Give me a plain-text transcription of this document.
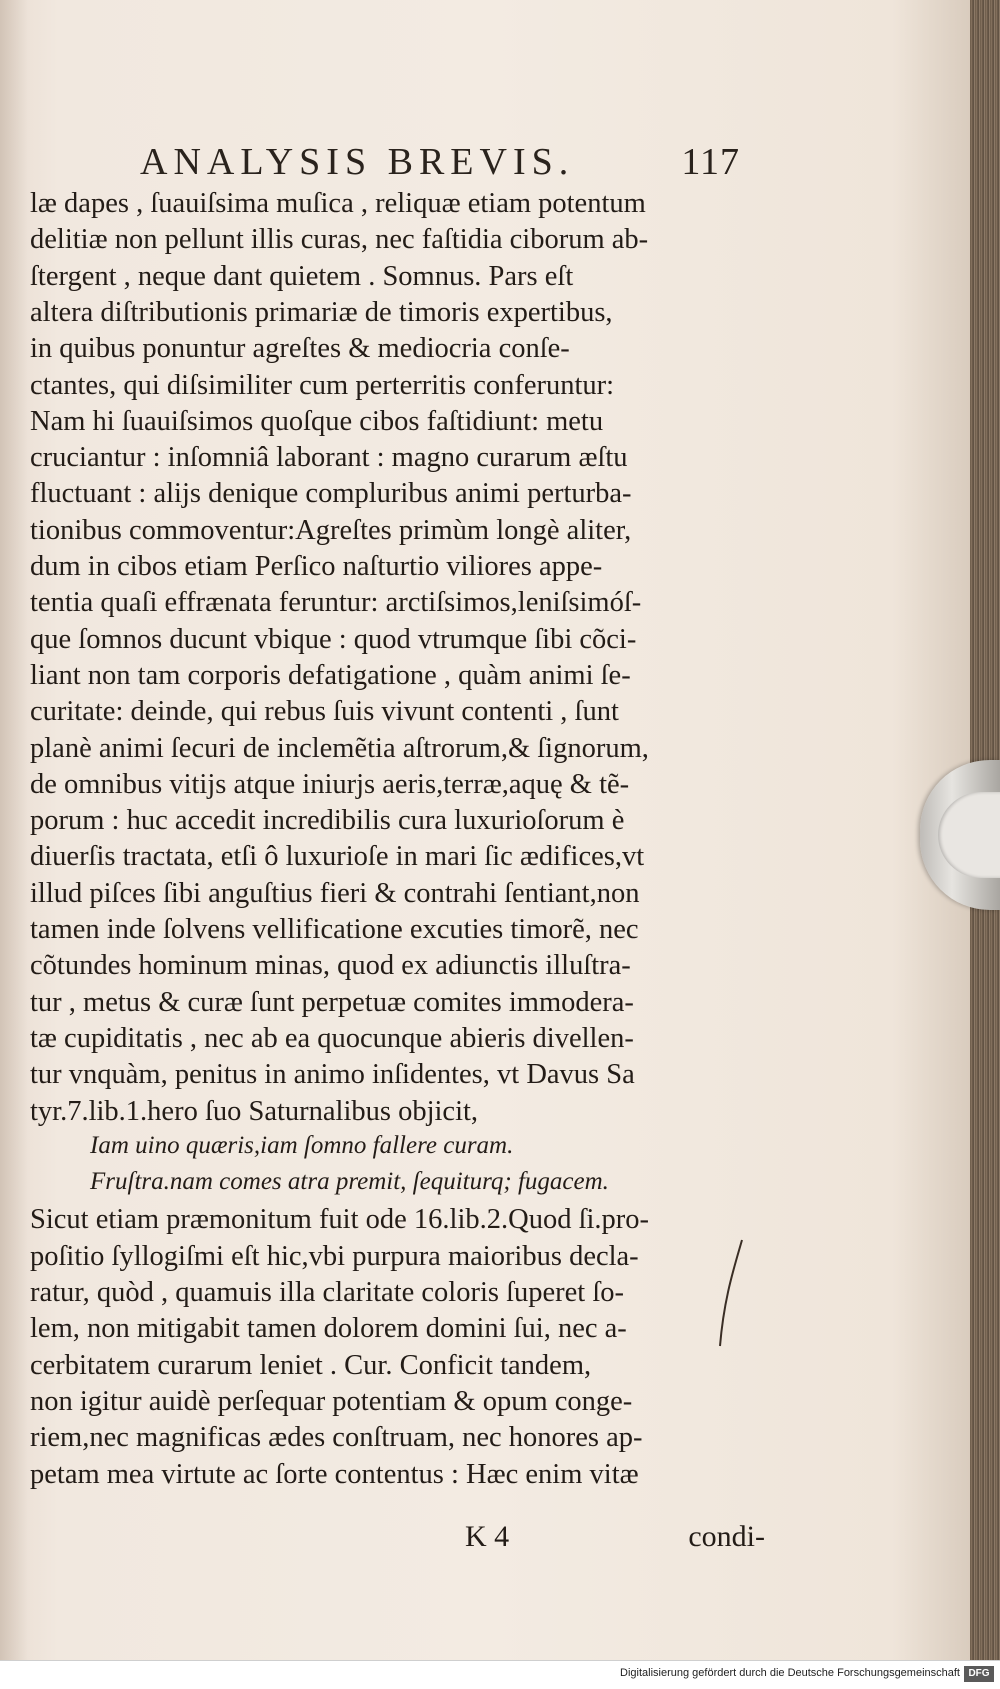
ANALYSIS BREVIS.	117
læ dapes , ſuauiſsima muſica , reliquæ etiam potentum
delitiæ non pellunt illis curas, nec faſtidia ciborum ab-
ſtergent , neque dant quietem . Somnus. Pars eſt
altera diſtributionis primariæ de timoris expertibus,
in quibus ponuntur agreſtes & mediocria conſe-
ctantes, qui diſsimiliter cum perterritis conferuntur:
Nam hi ſuauiſsimos quoſque cibos faſtidiunt: metu
cruciantur : inſomniâ laborant : magno curarum æſtu
fluctuant : alijs denique compluribus animi perturba-
tionibus commoventur:Agreſtes primùm longè aliter,
dum in cibos etiam Perſico naſturtio viliores appe-
tentia quaſi effrænata feruntur: arctiſsimos,leniſsimóſ-
que ſomnos ducunt vbique : quod vtrumque ſibi cõci-
liant non tam corporis defatigatione , quàm animi ſe-
curitate: deinde, qui rebus ſuis vivunt contenti , ſunt
planè animi ſecuri de inclemẽtia aſtrorum,& ſignorum,
de omnibus vitijs atque iniurjs aeris,terræ,aquę & tẽ-
porum : huc accedit incredibilis cura luxurioſorum è
diuerſis tractata, etſi ô luxurioſe in mari ſic ædifices,vt
illud piſces ſibi anguſtius fieri & contrahi ſentiant,non
tamen inde ſolvens vellificatione excuties timorẽ, nec
cõtundes hominum minas, quod ex adiunctis illuſtra-
tur , metus & curæ ſunt perpetuæ comites immodera-
tæ cupiditatis , nec ab ea quocunque abieris divellen-
tur vnquàm, penitus in animo inſidentes, vt Davus Sa
tyr.7.lib.1.hero ſuo Saturnalibus objicit,
Iam uino quæris,iam ſomno fallere curam.
Fruſtra.nam comes atra premit, ſequiturq; fugacem.
Sicut etiam præmonitum fuit ode 16.lib.2.Quod ſi.pro-
poſitio ſyllogiſmi eſt hic,vbi purpura maioribus decla-
ratur, quòd , quamuis illa claritate coloris ſuperet ſo-
lem, non mitigabit tamen dolorem domini ſui, nec a-
cerbitatem curarum leniet . Cur. Conficit tandem,
non igitur auidè perſequar potentiam & opum conge-
riem,nec magnificas ædes conſtruam, nec honores ap-
petam mea virtute ac ſorte contentus : Hæc enim vitæ
K 4	condi-
Digitalisierung gefördert durch die Deutsche Forschungsgemeinschaft DFG
